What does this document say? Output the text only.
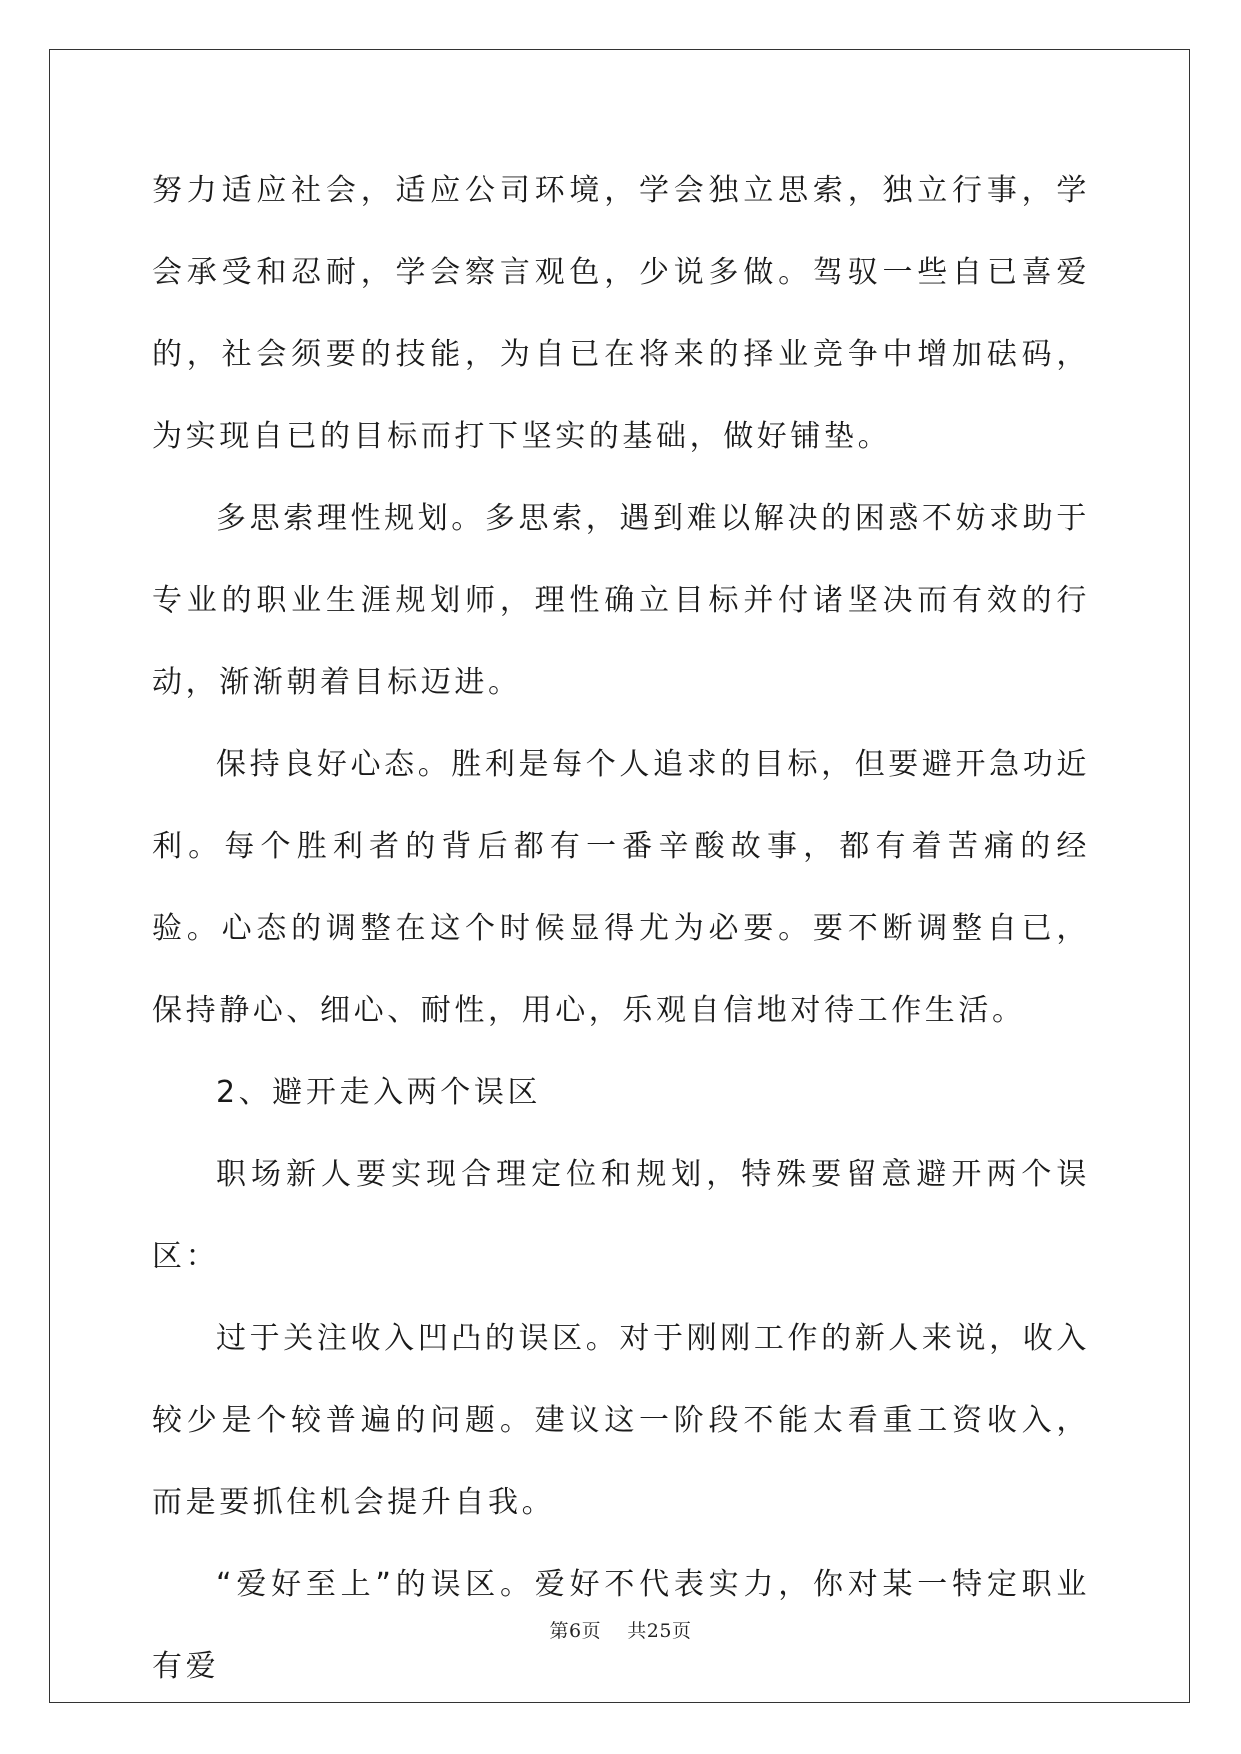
努力适应社会，适应公司环境，学会独立思索，独立行事，学会承受和忍耐，学会察言观色，少说多做。驾驭一些自已喜爱的，社会须要的技能，为自已在将来的择业竞争中增加砝码，为实现自已的目标而打下坚实的基础，做好铺垫。

多思索理性规划。多思索，遇到难以解决的困惑不妨求助于专业的职业生涯规划师，理性确立目标并付诸坚决而有效的行动，渐渐朝着目标迈进。

保持良好心态。胜利是每个人追求的目标，但要避开急功近利。每个胜利者的背后都有一番辛酸故事，都有着苦痛的经验。心态的调整在这个时候显得尤为必要。要不断调整自已，保持静心、细心、耐性，用心，乐观自信地对待工作生活。

2、避开走入两个误区

职场新人要实现合理定位和规划，特殊要留意避开两个误区：

过于关注收入凹凸的误区。对于刚刚工作的新人来说，收入较少是个较普遍的问题。建议这一阶段不能太看重工资收入，而是要抓住机会提升自我。

“爱好至上”的误区。爱好不代表实力，你对某一特定职业有爱

第6页 共25页
